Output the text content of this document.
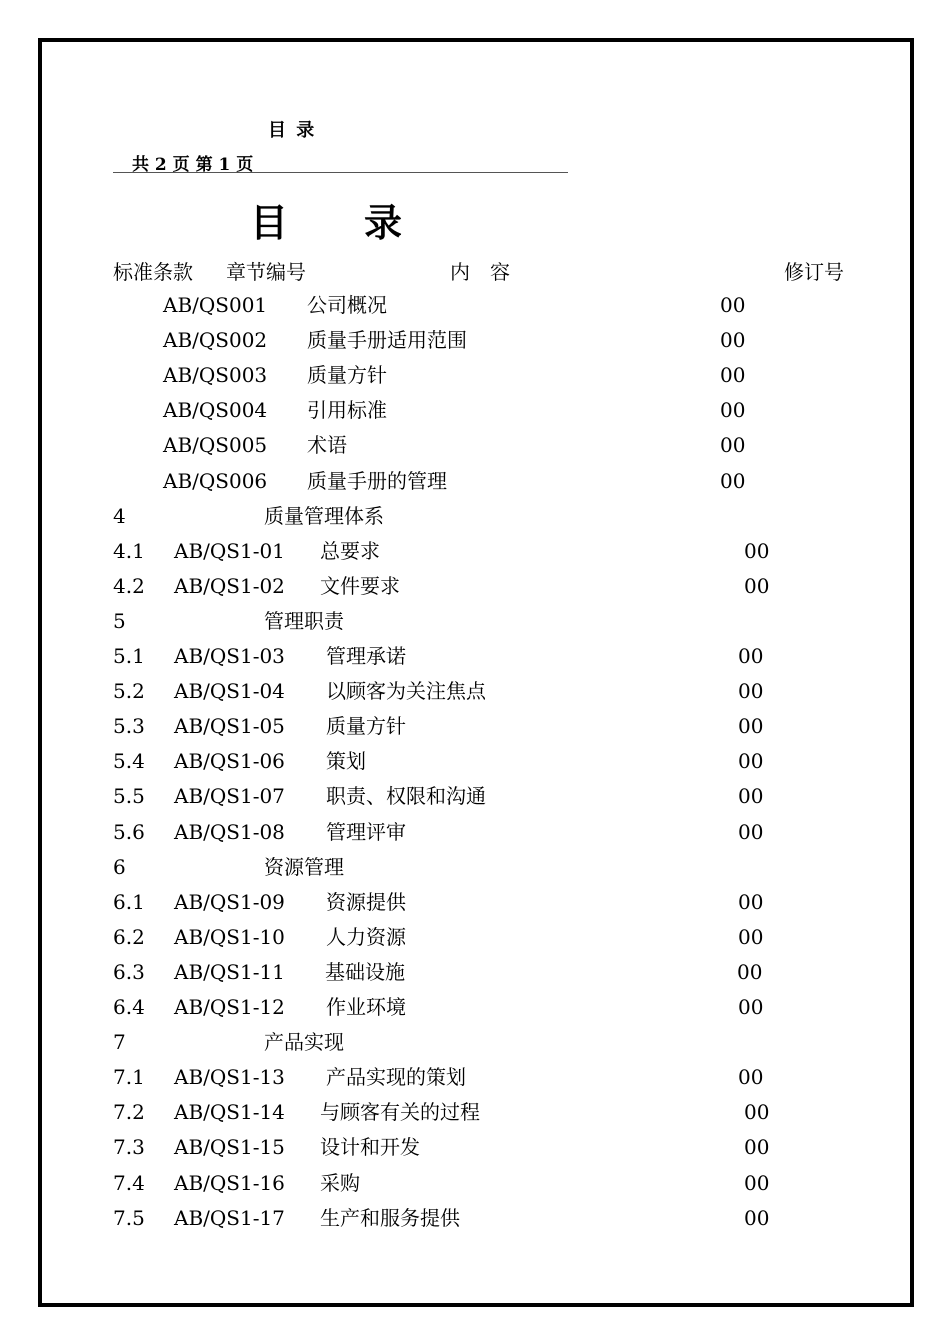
目 录
共 2 页 第 1 页
目　　录
标准条款 章节编号	内　容	修订号
AB/QS001 公司概况	00
AB/QS002 质量手册适用范围	00
AB/QS003 质量方针	00
AB/QS004 引用标准	00
AB/QS005 术语	00
AB/QS006 质量手册的管理	00
4	质量管理体系
4.1 AB/QS1-01 总要求	00
4.2 AB/QS1-02 文件要求	00
5	管理职责
5.1 AB/QS1-03 管理承诺	00
5.2 AB/QS1-04 以顾客为关注焦点	00
5.3 AB/QS1-05 质量方针	00
5.4 AB/QS1-06 策划	00
5.5 AB/QS1-07 职责、权限和沟通	00
5.6 AB/QS1-08 管理评审	00
6	资源管理
6.1 AB/QS1-09 资源提供	00
6.2 AB/QS1-10 人力资源	00
6.3 AB/QS1-11 基础设施	00
6.4 AB/QS1-12 作业环境	00
7	产品实现
7.1 AB/QS1-13 产品实现的策划	00
7.2 AB/QS1-14 与顾客有关的过程	00
7.3 AB/QS1-15 设计和开发	00
7.4 AB/QS1-16 采购	00
7.5 AB/QS1-17 生产和服务提供	00
